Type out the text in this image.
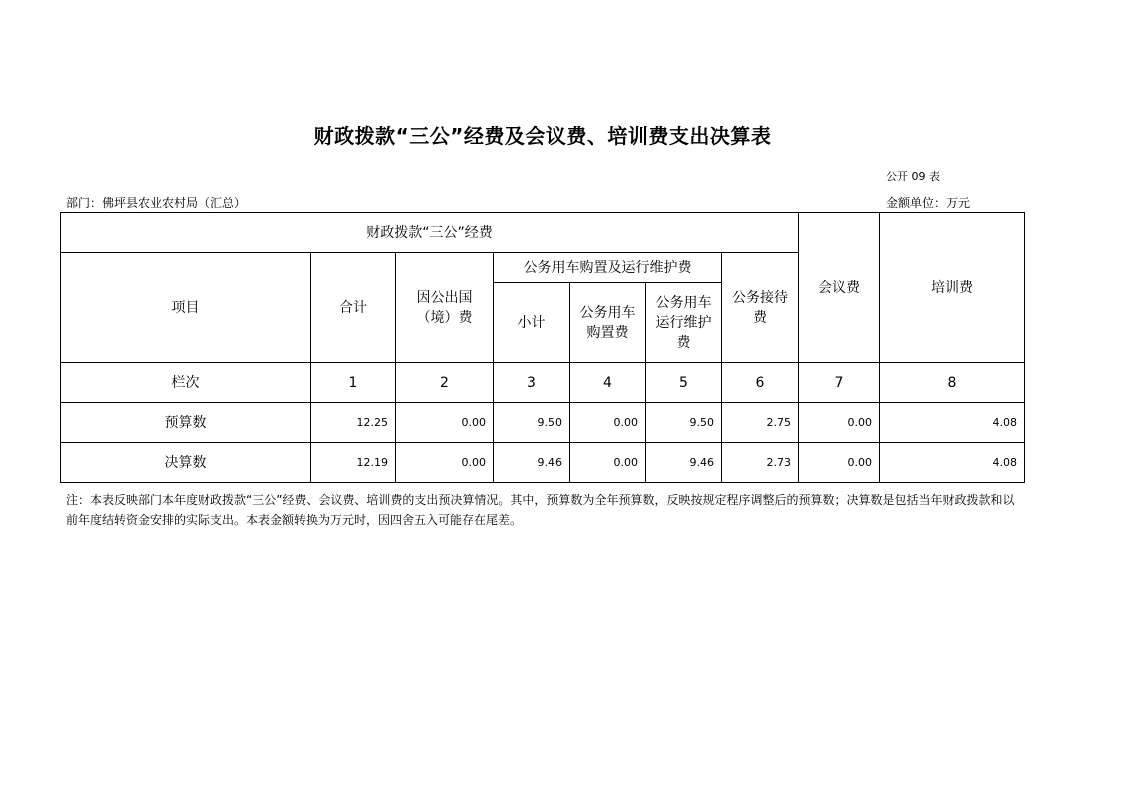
财政拨款“三公”经费及会议费、培训费支出决算表
公开 09 表
部门：佛坪县农业农村局（汇总）	金额单位：万元
财政拨款“三公”经费							会议费	培训费
项目	合计	因公出国（境）费	公务用车购置及运行维护费			公务接待费		

			小计	公务用车购置费	公务用车运行维护费			

栏次	1	2	3	4	5	6	7	8
预算数	12.25	0.00	9.50	0.00	9.50	2.75	0.00	4.08
决算数	12.19	0.00	9.46	0.00	9.46	2.73	0.00	4.08
注：本表反映部门本年度财政拨款“三公”经费、会议费、培训费的支出预决算情况。其中，预算数为全年预算数，反映按规定程序调整后的预算数；决算数是包括当年财政拨款和以前年度结转资金安排的实际支出。本表金额转换为万元时，因四舍五入可能存在尾差。
